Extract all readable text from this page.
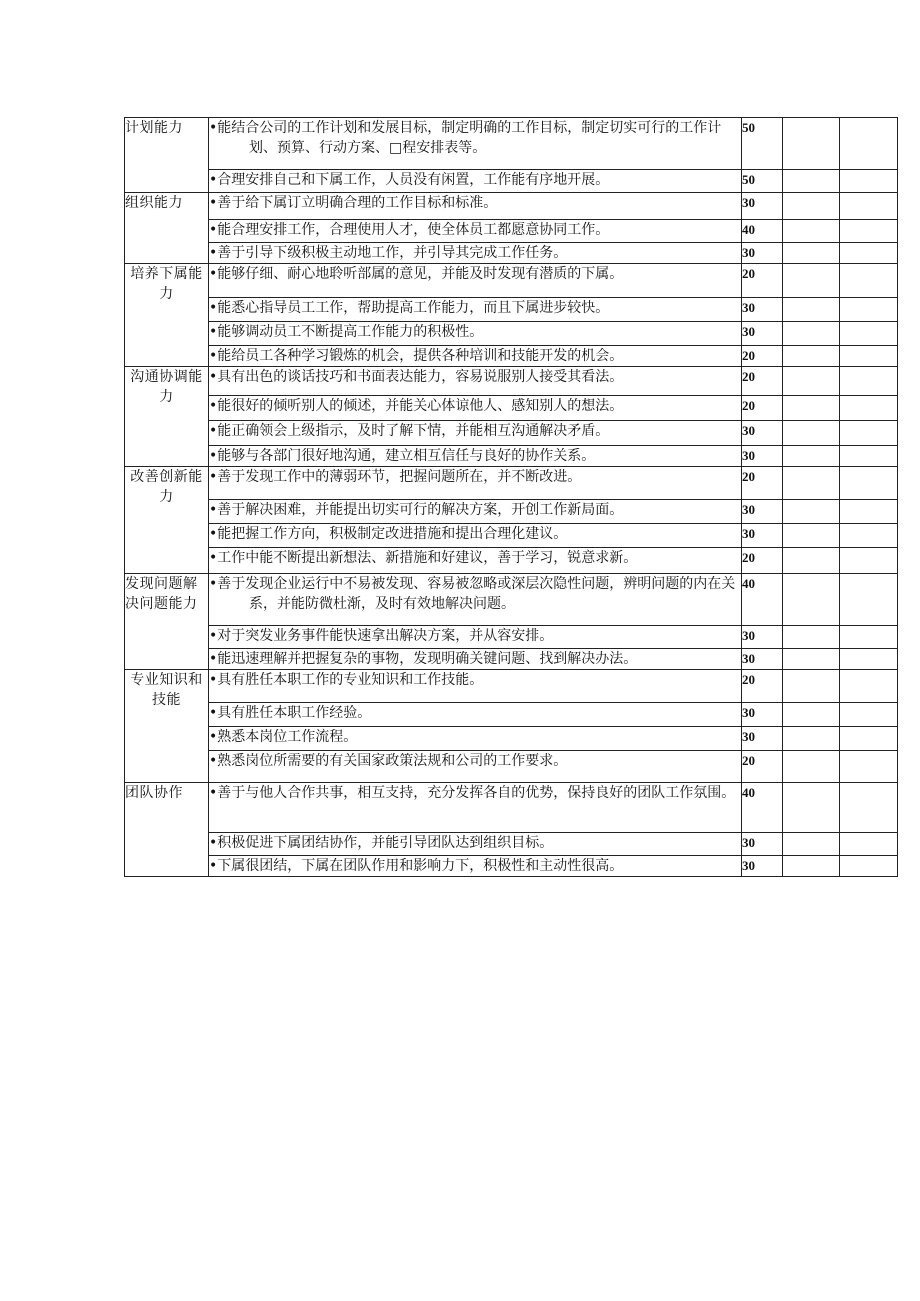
计划能力	•能结合公司的工作计划和发展目标，制定明确的工作目标，制定切实可行的工作计划、预算、行动方案、□程安排表等。	50		

	•合理安排自己和下属工作，人员没有闲置，工作能有序地开展。	50		
组织能力	•善于给下属订立明确合理的工作目标和标准。	30		

	•能合理安排工作，合理使用人才，使全体员工都愿意协同工作。	40		

	•善于引导下级积极主动地工作，并引导其完成工作任务。	30		
培养下属能力	•能够仔细、耐心地聆听部属的意见，并能及时发现有潜质的下属。	20		

	•能悉心指导员工工作，帮助提高工作能力，而且下属进步较快。	30		

	•能够调动员工不断提高工作能力的积极性。	30		

	•能给员工各种学习锻炼的机会，提供各种培训和技能开发的机会。	20		
沟通协调能力	•具有出色的谈话技巧和书面表达能力，容易说服别人接受其看法。	20		

	•能很好的倾听别人的倾述，并能关心体谅他人、感知别人的想法。	20		

	•能正确领会上级指示，及时了解下情，并能相互沟通解决矛盾。	30		

	•能够与各部门很好地沟通，建立相互信任与良好的协作关系。	30		
改善创新能力	•善于发现工作中的薄弱环节，把握问题所在，并不断改进。	20		

	•善于解决困难，并能提出切实可行的解决方案，开创工作新局面。	30		

	•能把握工作方向，积极制定改进措施和提出合理化建议。	30		

	•工作中能不断提出新想法、新措施和好建议，善于学习，锐意求新。	20		
发现问题解决问题能力	•善于发现企业运行中不易被发现、容易被忽略或深层次隐性问题，辨明问题的内在关系，并能防微杜渐，及时有效地解决问题。	40		

	•对于突发业务事件能快速拿出解决方案，并从容安排。	30		

	•能迅速理解并把握复杂的事物，发现明确关键问题、找到解决办法。	30		
专业知识和技能	•具有胜任本职工作的专业知识和工作技能。	20		

	•具有胜任本职工作经验。	30		

	•熟悉本岗位工作流程。	30		

	•熟悉岗位所需要的有关国家政策法规和公司的工作要求。	20		
团队协作	•善于与他人合作共事，相互支持，充分发挥各自的优势，保持良好的团队工作氛围。	40		

	•积极促进下属团结协作，并能引导团队达到组织目标。	30		

	•下属很团结，下属在团队作用和影响力下，积极性和主动性很高。	30		
